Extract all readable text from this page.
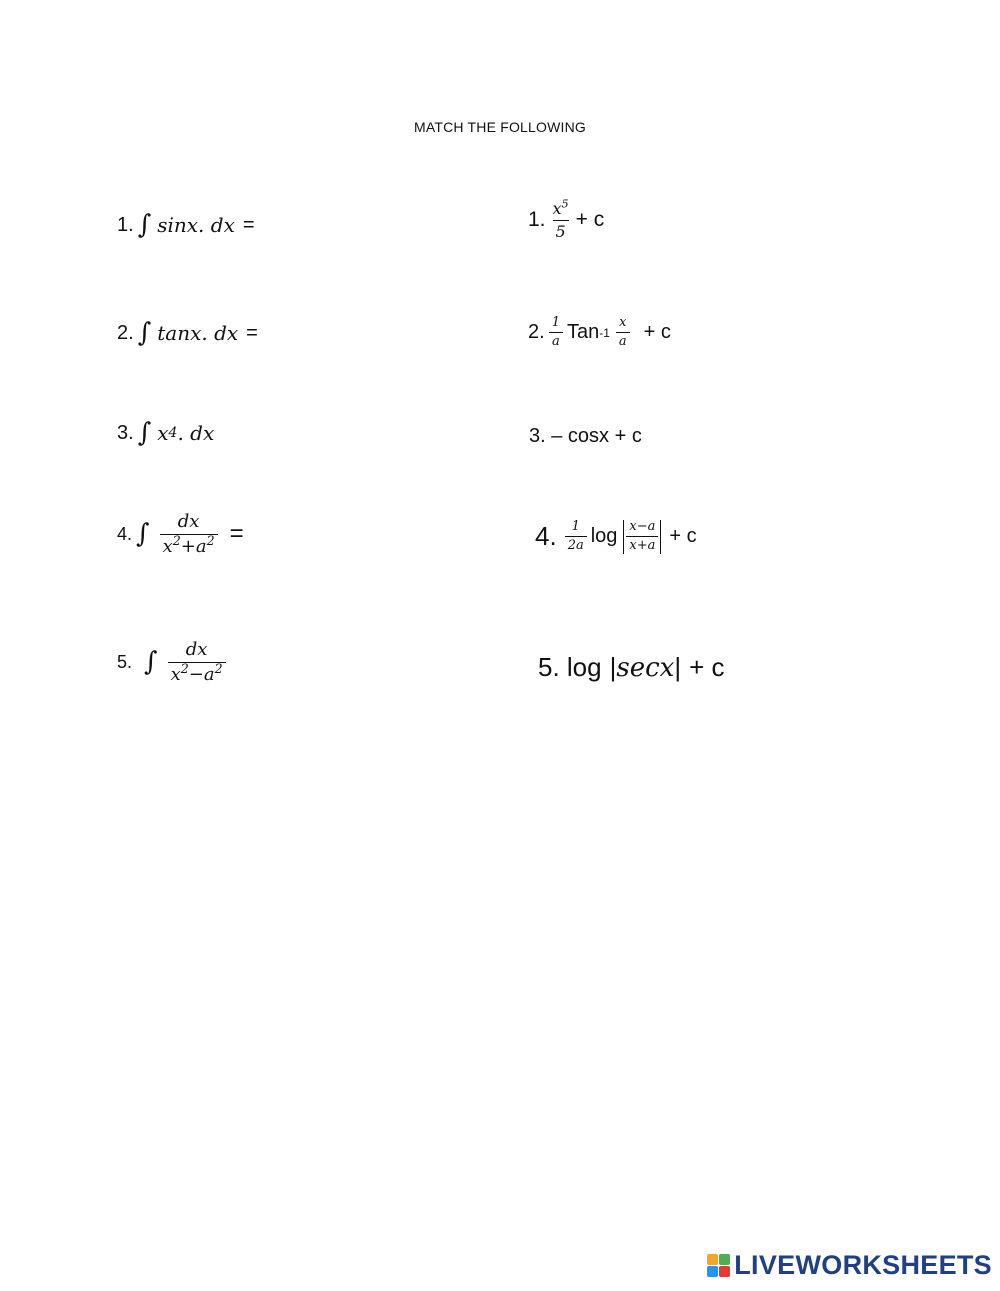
MATCH THE FOLLOWING
1. ∫ sinx. dx =
2. ∫ tanx. dx =
3. ∫ x 4 . dx
4. ∫ $\frac{dx}{x^2+a^2}$ =
5. ∫ $\frac{dx}{x^2-a^2}$
1. $\frac{x^5}{5} + c$
2. $\frac{1}{a}$ Tan $-1 \frac{x}{a} + c$
3. – cosx + c
4. $\frac{1}{2a}$ $\log \frac{x-a}{x+a} + c$
5. log | secx | + c
LIVEWORKSHEETS
